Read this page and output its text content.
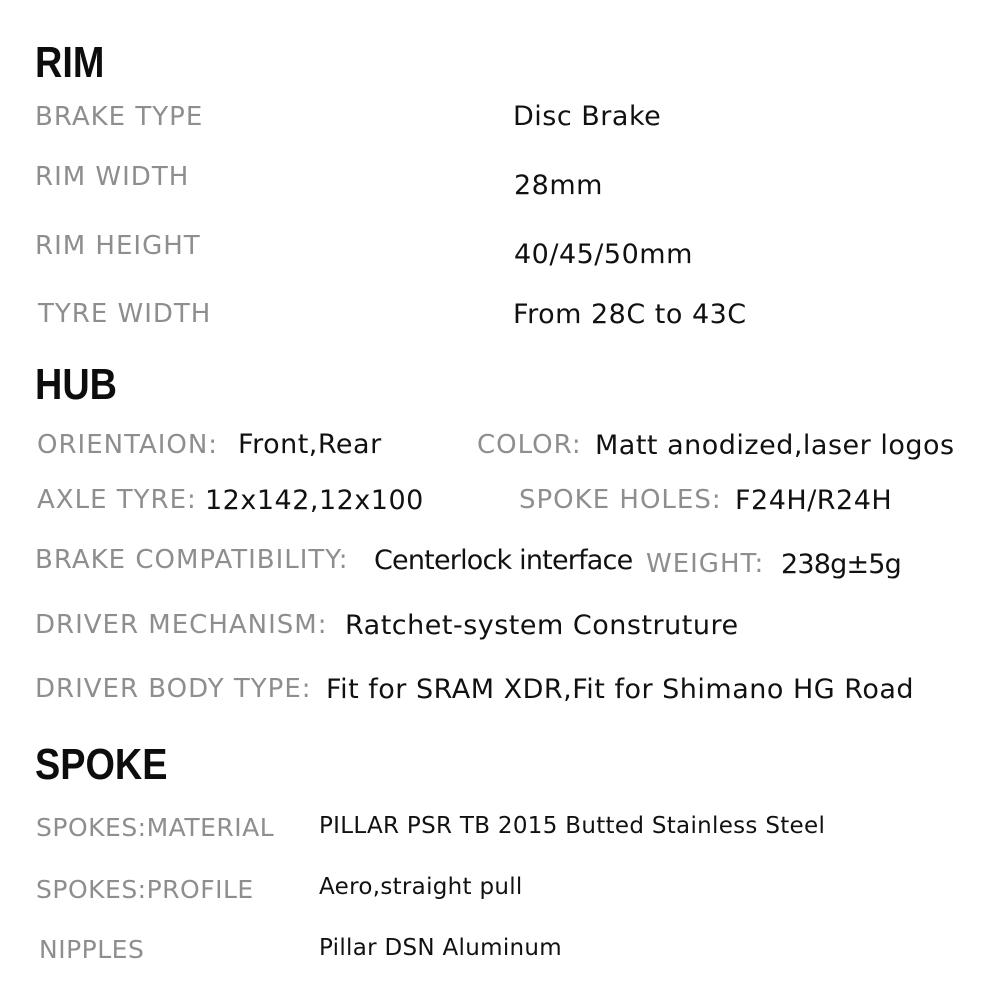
RIM
BRAKE TYPE	Disc Brake
RIM WIDTH	28mm
RIM HEIGHT	40/45/50mm
TYRE WIDTH	From 28C to 43C
HUB
ORIENTAION: Front,Rear	COLOR: Matt anodized,laser logos
AXLE TYRE: 12x142,12x100	SPOKE HOLES: F24H/R24H
BRAKE COMPATIBILITY: Centerlock interface WEIGHT: 238g±5g
DRIVER MECHANISM: Ratchet-system Construture
DRIVER BODY TYPE: Fit for SRAM XDR,Fit for Shimano HG Road
SPOKE
SPOKES:MATERIAL PILLAR PSR TB 2015 Butted Stainless Steel
SPOKES:PROFILE	Aero,straight pull
NIPPLES	Pillar DSN Aluminum
